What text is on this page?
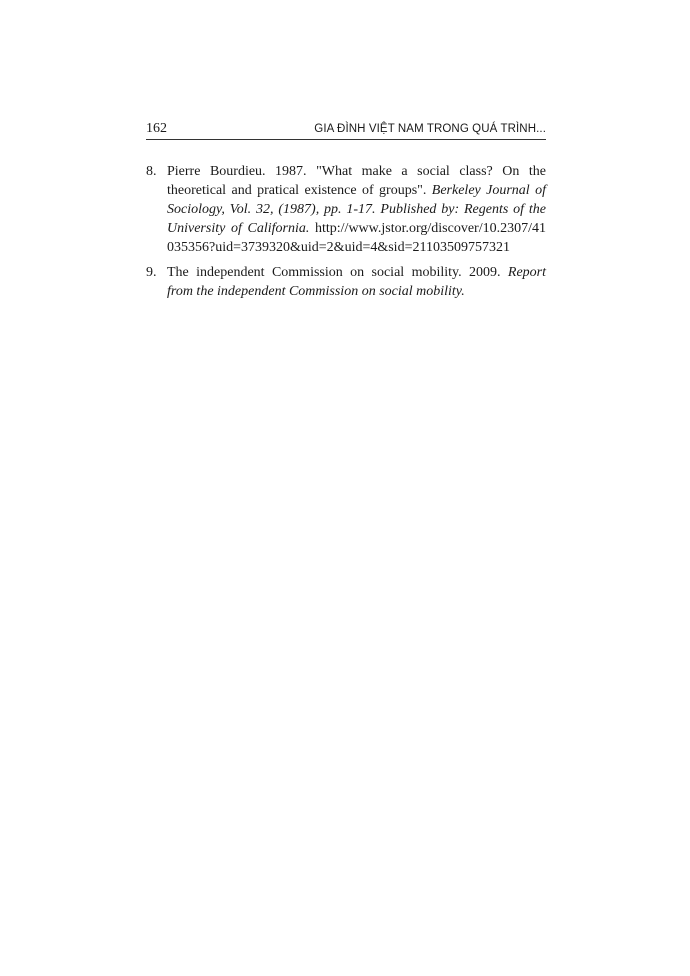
162	GIA ĐÌNH VIỆT NAM TRONG QUÁ TRÌNH...

8. Pierre Bourdieu. 1987. "What make a social class? On the theoretical and pratical existence of groups". Berkeley Journal of Sociology, Vol. 32, (1987), pp. 1-17. Published by: Regents of the University of California. http://www.jstor.org/discover/10.2307/41035356?uid=3739320&uid=2&uid=4&sid=21103509757321

9. The independent Commission on social mobility. 2009. Report from the independent Commission on social mobility.
